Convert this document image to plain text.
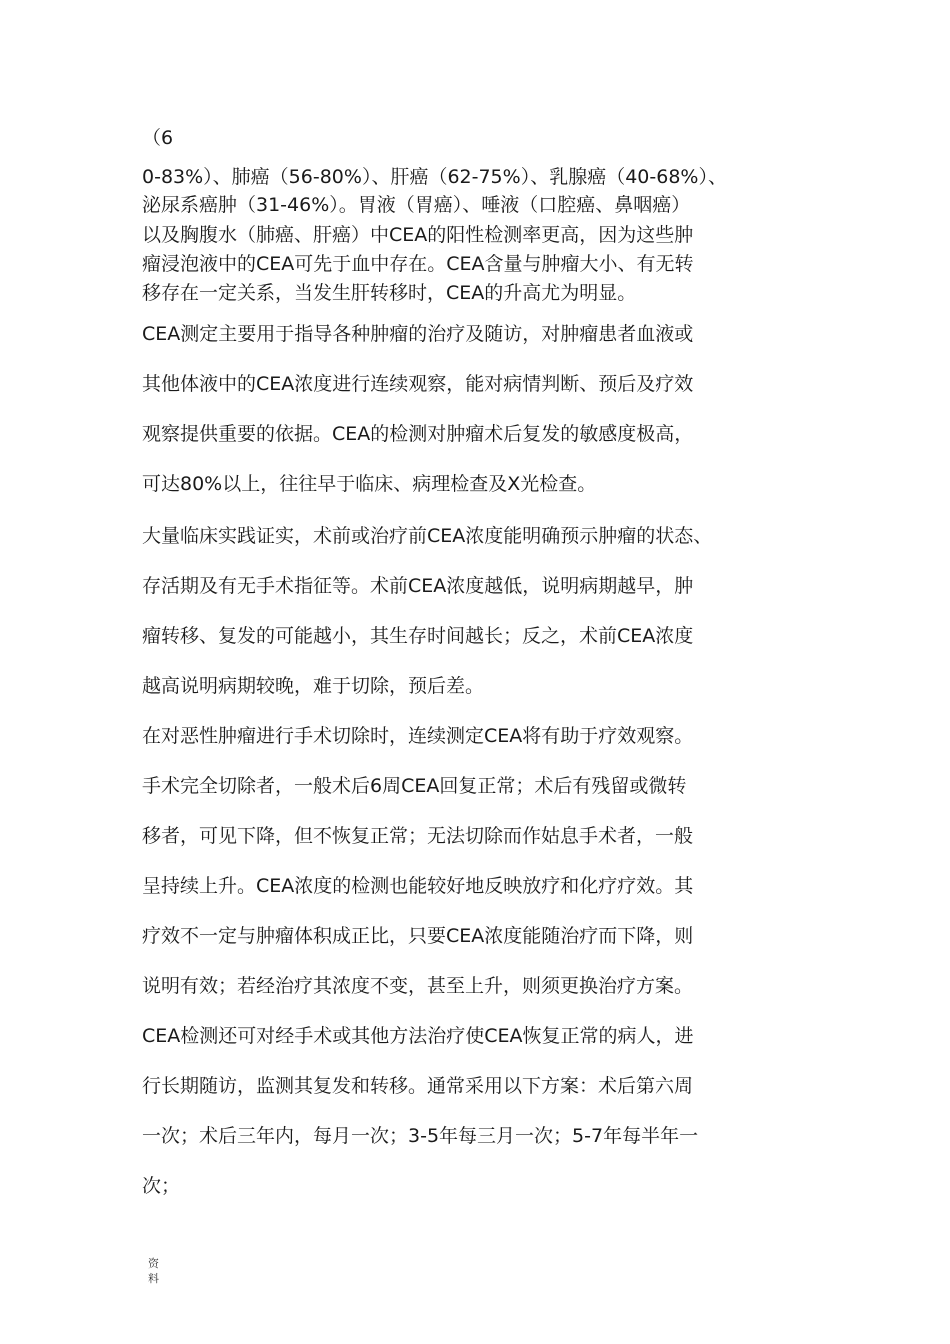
（6
0-83%）、肺癌（56-80%）、肝癌（62-75%）、乳腺癌（40-68%）、
泌尿系癌肿（31-46%）。胃液（胃癌）、唾液（口腔癌、鼻咽癌）
以及胸腹水（肺癌、肝癌）中CEA的阳性检测率更高，因为这些肿
瘤浸泡液中的CEA可先于血中存在。CEA含量与肿瘤大小、有无转
移存在一定关系，当发生肝转移时，CEA的升高尤为明显。
CEA测定主要用于指导各种肿瘤的治疗及随访，对肿瘤患者血液或
其他体液中的CEA浓度进行连续观察，能对病情判断、预后及疗效
观察提供重要的依据。CEA的检测对肿瘤术后复发的敏感度极高，
可达80%以上，往往早于临床、病理检查及X光检查。
大量临床实践证实，术前或治疗前CEA浓度能明确预示肿瘤的状态、
存活期及有无手术指征等。术前CEA浓度越低，说明病期越早，肿
瘤转移、复发的可能越小，其生存时间越长；反之，术前CEA浓度
越高说明病期较晚，难于切除，预后差。
在对恶性肿瘤进行手术切除时，连续测定CEA将有助于疗效观察。
手术完全切除者，一般术后6周CEA回复正常；术后有残留或微转
移者，可见下降，但不恢复正常；无法切除而作姑息手术者，一般
呈持续上升。CEA浓度的检测也能较好地反映放疗和化疗疗效。其
疗效不一定与肿瘤体积成正比，只要CEA浓度能随治疗而下降，则
说明有效；若经治疗其浓度不变，甚至上升，则须更换治疗方案。
CEA检测还可对经手术或其他方法治疗使CEA恢复正常的病人，进
行长期随访，监测其复发和转移。通常采用以下方案：术后第六周
一次；术后三年内，每月一次；3-5年每三月一次；5-7年每半年一
次；
资
料
